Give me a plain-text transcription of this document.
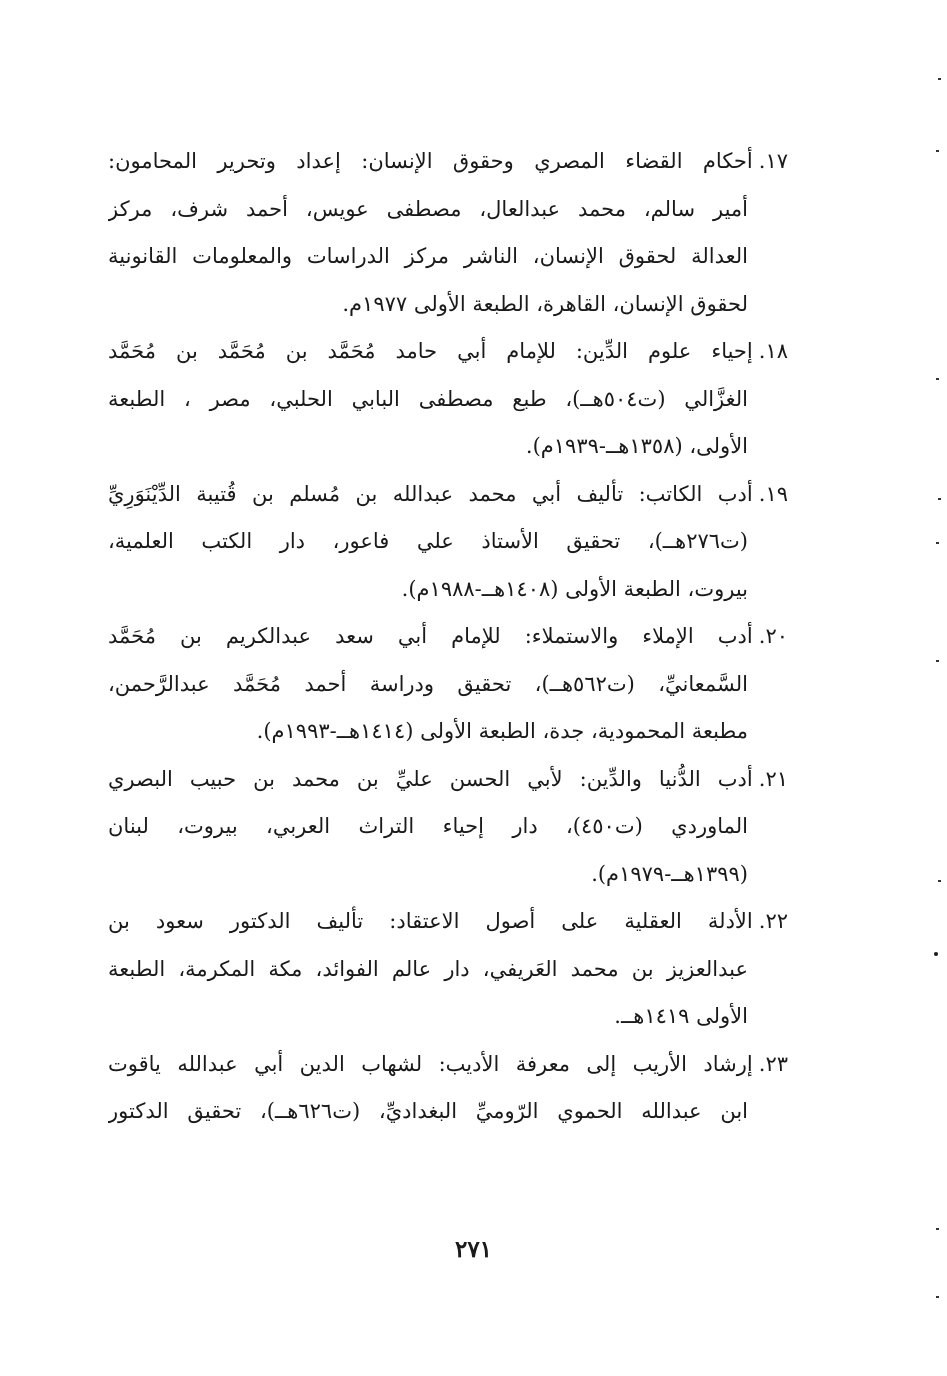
١٧.أحكام القضاء المصري وحقوق الإنسان: إعداد وتحرير المحامون:
أمير سالم، محمد عبدالعال، مصطفى عويس، أحمد شرف، مركز
العدالة لحقوق الإنسان، الناشر مركز الدراسات والمعلومات القانونية
لحقوق الإنسان، القاهرة، الطبعة الأولى ١٩٧٧م.
١٨.إحياء علوم الدِّين: للإمام أبي حامد مُحَمَّد بن مُحَمَّد بن مُحَمَّد
الغزَّالي (ت٥٠٤هــ)، طبع مصطفى البابي الحلبي، مصر ، الطبعة
الأولى، (١٣٥٨هــ-١٩٣٩م).
١٩.أدب الكاتب: تأليف أبي محمد عبدالله بن مُسلم بن قُتيبة الدِّيْنَوَرِيِّ
(ت٢٧٦هــ)، تحقيق الأستاذ علي فاعور، دار الكتب العلمية،
بيروت، الطبعة الأولى (١٤٠٨هــ-١٩٨٨م).
٢٠.أدب الإملاء والاستملاء: للإمام أبي سعد عبدالكريم بن مُحَمَّد
السَّمعانيِّ، (ت٥٦٢هــ)، تحقيق ودراسة أحمد مُحَمَّد عبدالرَّحمن،
مطبعة المحمودية، جدة، الطبعة الأولى (١٤١٤هــ-١٩٩٣م).
٢١.أدب الدُّنيا والدِّين: لأبي الحسن عليِّ بن محمد بن حبيب البصري
الماوردي (ت٤٥٠)، دار إحياء التراث العربي، بيروت، لبنان
(١٣٩٩هــ-١٩٧٩م).
٢٢.الأدلة العقلية على أصول الاعتقاد: تأليف الدكتور سعود بن
عبدالعزيز بن محمد العَريفي، دار عالم الفوائد، مكة المكرمة، الطبعة
الأولى ١٤١٩هــ.
٢٣.إرشاد الأريب إلى معرفة الأديب: لشهاب الدين أبي عبدالله ياقوت
ابن عبدالله الحموي الرّوميِّ البغداديِّ، (ت٦٢٦هــ)، تحقيق الدكتور
٢٧١
